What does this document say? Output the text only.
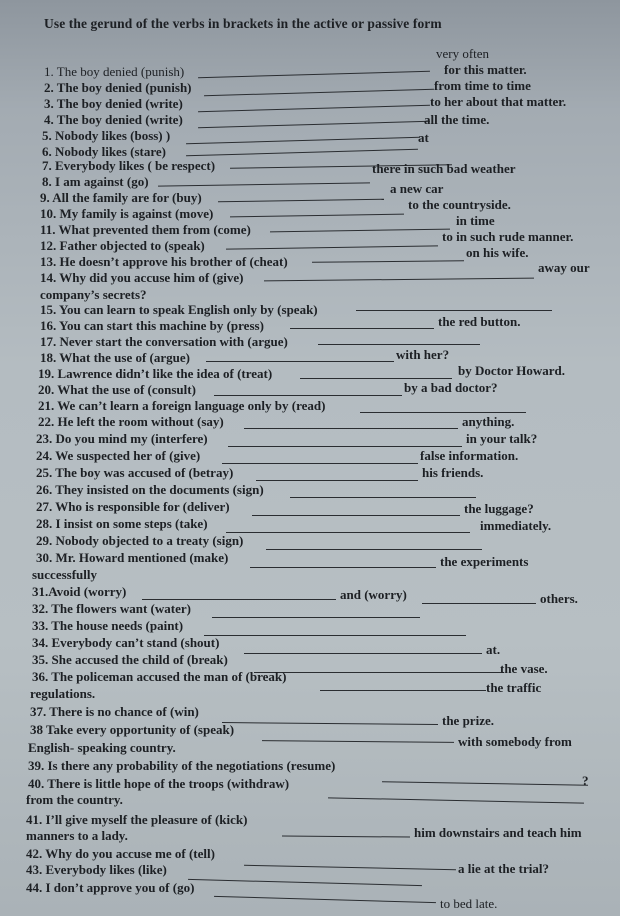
Use the gerund of the verbs in brackets in the active or passive form
1. The boy denied (punish)
very often
2. The boy denied (punish)
for this matter.
3. The boy denied (write)
from time to time
4. The boy denied (write)
to her about that matter.
5. Nobody likes (boss) )
all the time.
6. Nobody likes (stare)
at
7. Everybody likes ( be respect)
8. I am against (go)
there in such bad weather
9. All the family are for (buy)
a new car
10. My family is against (move)
to the countryside.
11. What prevented them from (come)
in time
12. Father objected to (speak)
to in such rude manner.
13. He doesn’t approve his brother of (cheat)
on his wife.
14. Why did you accuse him of (give)
away our
company’s secrets?
15. You can learn to speak English only by (speak)
16. You can start this machine by (press)	the red button.
17. Never start the conversation with (argue)
18. What the use of (argue)	with her?
19. Lawrence didn’t like the idea of (treat)	by Doctor Howard.
20. What the use of (consult)	by a bad doctor?
21. We can’t learn a foreign language only by (read)
22. He left the room without (say)	anything.
23. Do you mind my (interfere)	in your talk?
24. We suspected her of (give)	false information.
25. The boy was accused of (betray)	his friends.
26. They insisted on the documents (sign)
27. Who is responsible for (deliver)	the luggage?
28. I insist on some steps (take)	immediately.
29. Nobody objected to a treaty (sign)
30. Mr. Howard mentioned (make)	the experiments
successfully
31.Avoid (worry)	and (worry)	others.
32. The flowers want (water)
33. The house needs (paint)
34. Everybody can’t stand (shout)	at.
35. She accused the child of (break)
the vase.
36. The policeman accused the man of (break)
the traffic
regulations.
37. There is no chance of (win)
the prize.
38 Take every opportunity of (speak)
with somebody from
English- speaking country.
39. Is there any probability of the negotiations (resume)
?
40. There is little hope of the troops (withdraw)
from the country.
41. I’ll give myself the pleasure of (kick)
him downstairs and teach him
manners to a lady.
42. Why do you accuse me of (tell)
a lie at the trial?
43. Everybody likes (like)
44. I don’t approve you of (go)
to bed late.
